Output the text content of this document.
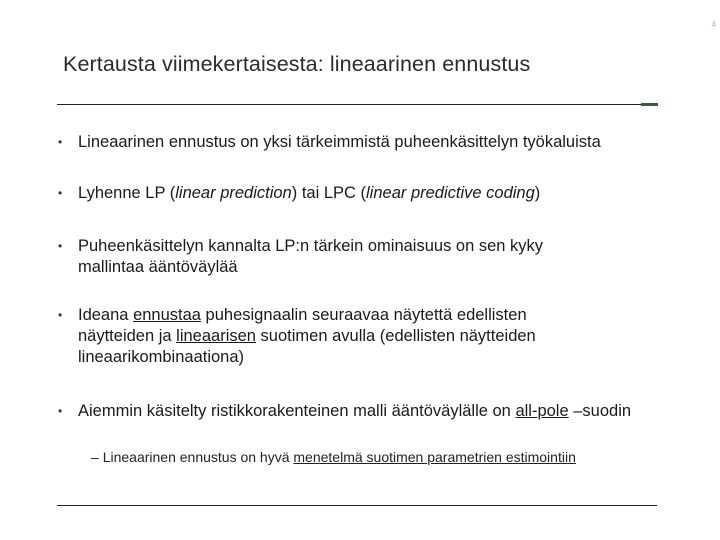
4
Kertausta viimekertaisesta: lineaarinen ennustus
• Lineaarinen ennustus on yksi tärkeimmistä puheenkäsittelyn työkaluista
• Lyhenne LP (linear prediction) tai LPC (linear predictive coding)
• Puheenkäsittelyn kannalta LP:n tärkein ominaisuus on sen kyky mallintaa ääntöväylää
• Ideana ennustaa puhesignaalin seuraavaa näytettä edellisten näytteiden ja lineaarisen suotimen avulla (edellisten näytteiden lineaarikombinaationa)
• Aiemmin käsitelty ristikkorakenteinen malli ääntöväylälle on all-pole –suodin
– Lineaarinen ennustus on hyvä menetelmä suotimen parametrien estimointiin
